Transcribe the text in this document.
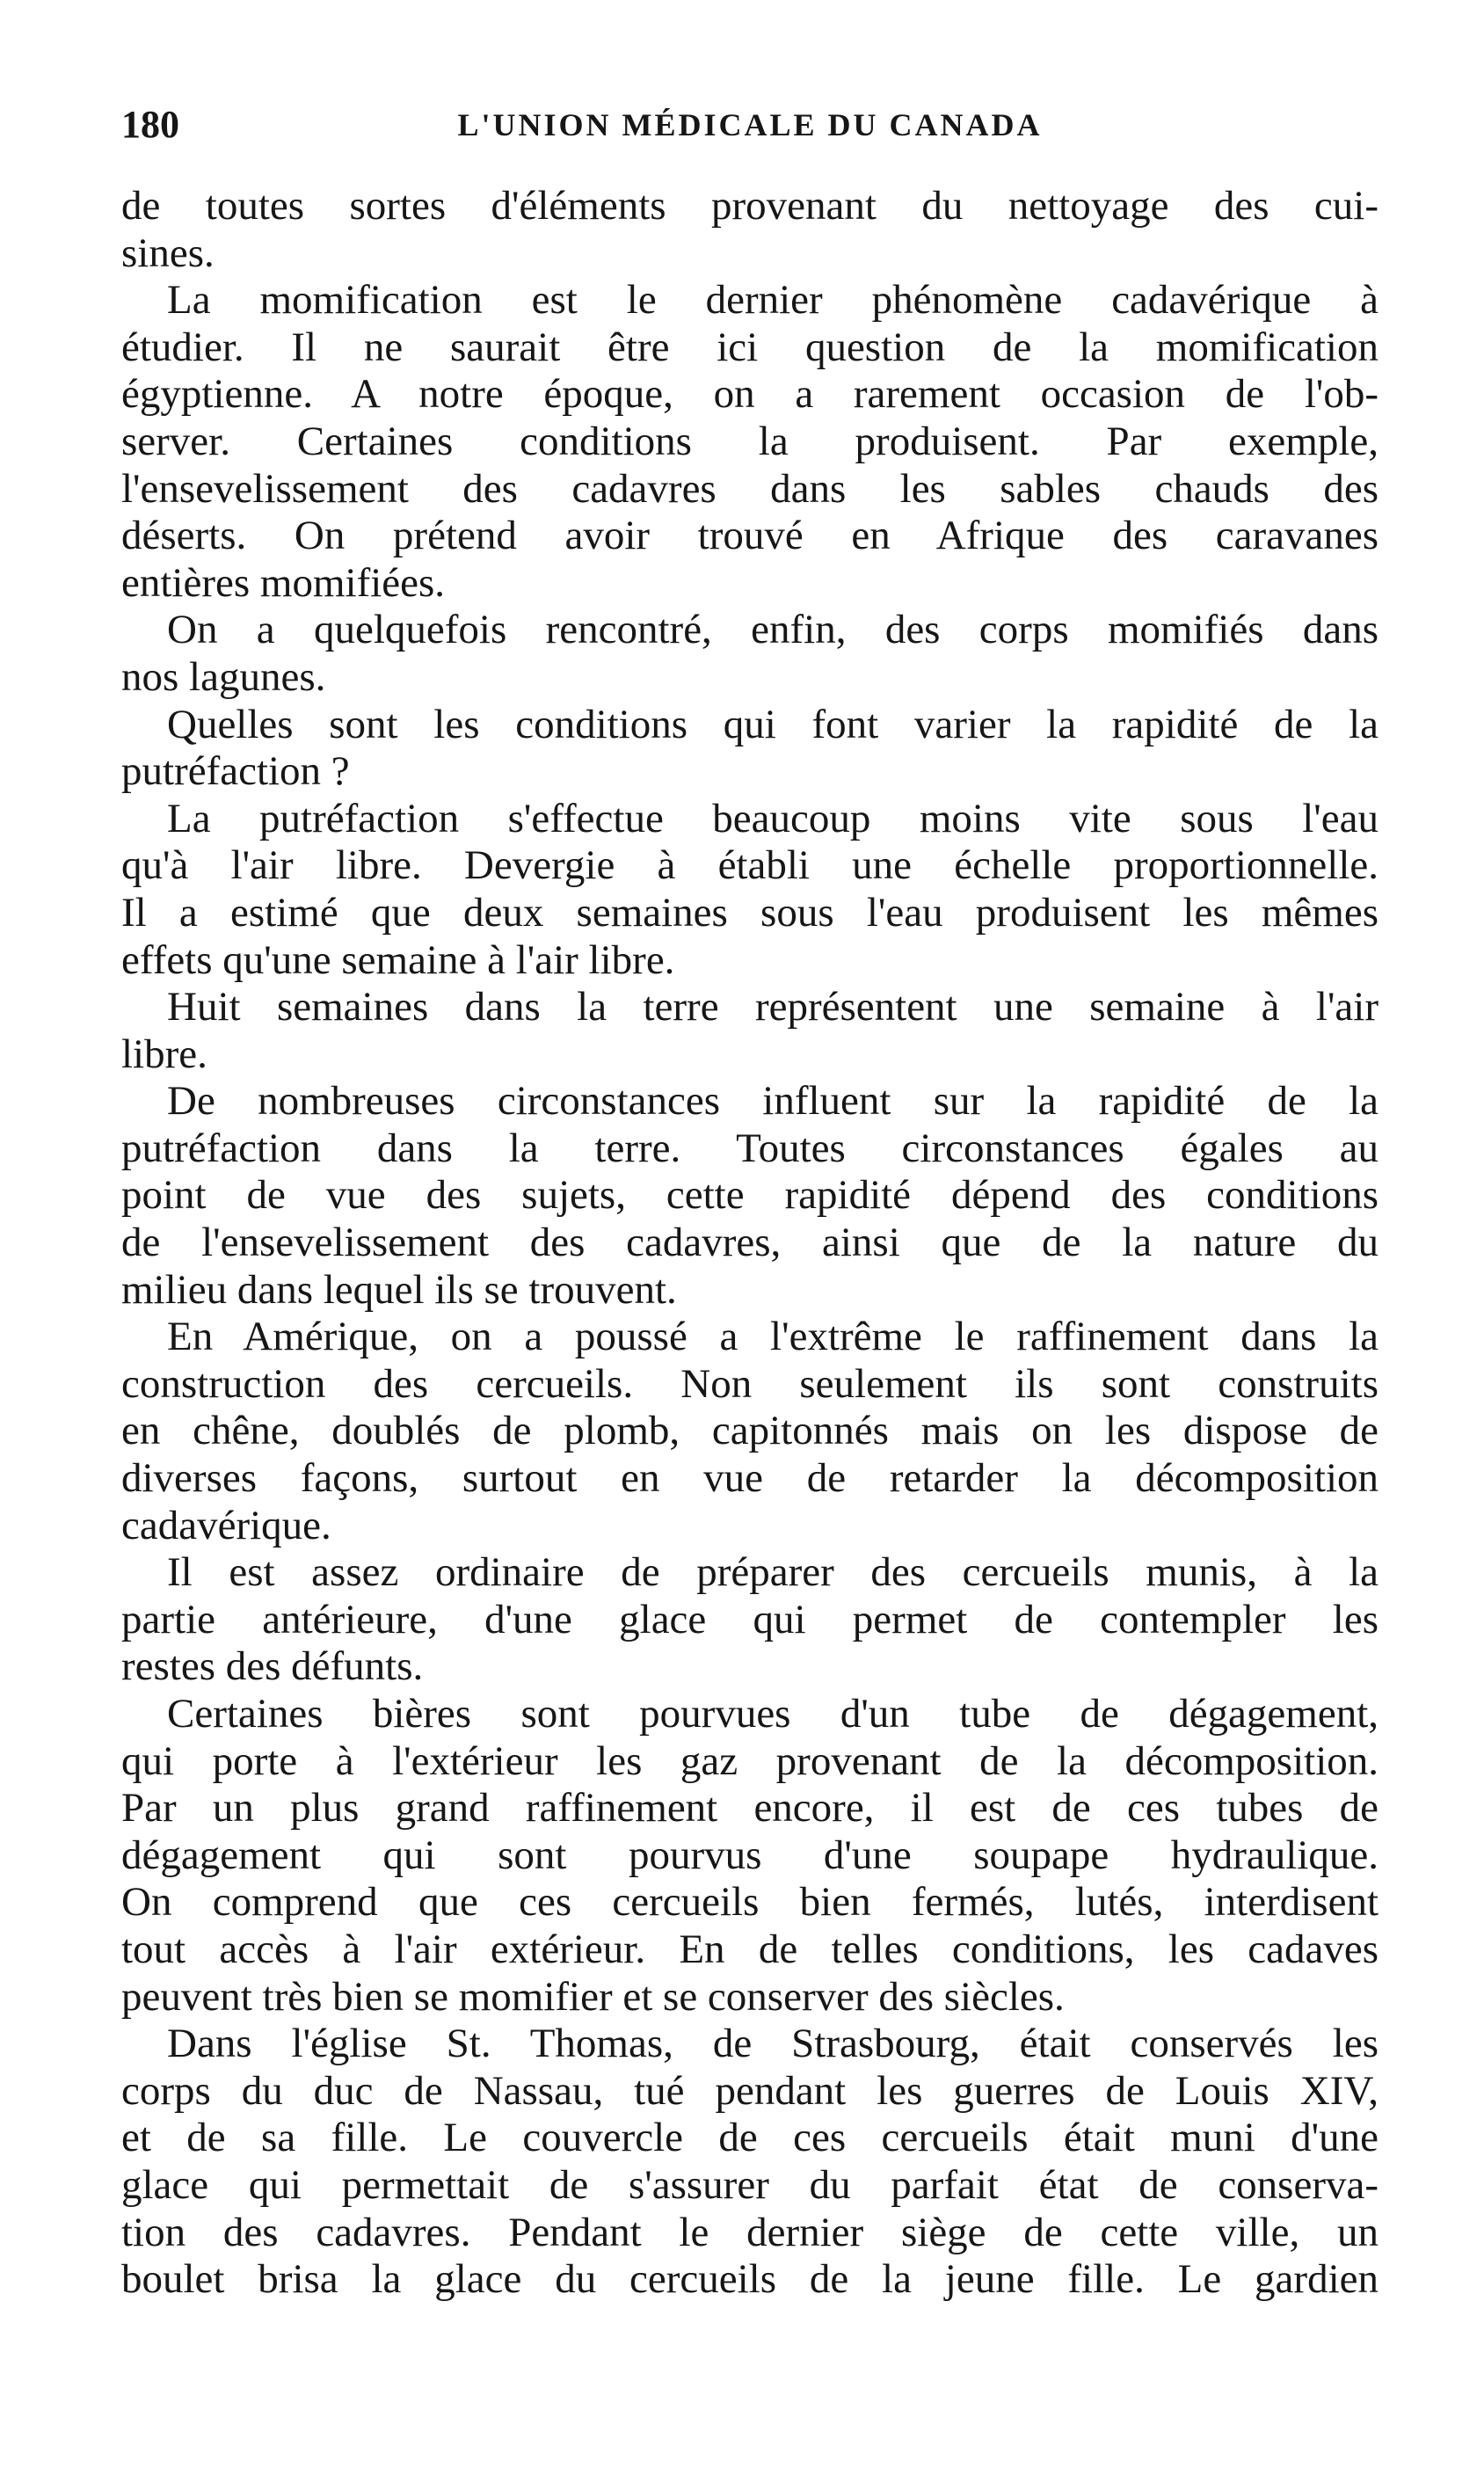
180	L'UNION MÉDICALE DU CANADA
de toutes sortes d'éléments provenant du nettoyage des cui-
sines.
La momification est le dernier phénomène cadavérique à
étudier. Il ne saurait être ici question de la momification
égyptienne. A notre époque, on a rarement occasion de l'ob-
server. Certaines conditions la produisent. Par exemple,
l'ensevelissement des cadavres dans les sables chauds des
déserts. On prétend avoir trouvé en Afrique des caravanes
entières momifiées.
On a quelquefois rencontré, enfin, des corps momifiés dans
nos lagunes.
Quelles sont les conditions qui font varier la rapidité de la
putréfaction ?
La putréfaction s'effectue beaucoup moins vite sous l'eau
qu'à l'air libre. Devergie à établi une échelle proportionnelle.
Il a estimé que deux semaines sous l'eau produisent les mêmes
effets qu'une semaine à l'air libre.
Huit semaines dans la terre représentent une semaine à l'air
libre.
De nombreuses circonstances influent sur la rapidité de la
putréfaction dans la terre. Toutes circonstances égales au
point de vue des sujets, cette rapidité dépend des conditions
de l'ensevelissement des cadavres, ainsi que de la nature du
milieu dans lequel ils se trouvent.
En Amérique, on a poussé a l'extrême le raffinement dans la
construction des cercueils. Non seulement ils sont construits
en chêne, doublés de plomb, capitonnés mais on les dispose de
diverses façons, surtout en vue de retarder la décomposition
cadavérique.
Il est assez ordinaire de préparer des cercueils munis, à la
partie antérieure, d'une glace qui permet de contempler les
restes des défunts.
Certaines bières sont pourvues d'un tube de dégagement,
qui porte à l'extérieur les gaz provenant de la décomposition.
Par un plus grand raffinement encore, il est de ces tubes de
dégagement qui sont pourvus d'une soupape hydraulique.
On comprend que ces cercueils bien fermés, lutés, interdisent
tout accès à l'air extérieur. En de telles conditions, les cadaves
peuvent très bien se momifier et se conserver des siècles.
Dans l'église St. Thomas, de Strasbourg, était conservés les
corps du duc de Nassau, tué pendant les guerres de Louis XIV,
et de sa fille. Le couvercle de ces cercueils était muni d'une
glace qui permettait de s'assurer du parfait état de conserva-
tion des cadavres. Pendant le dernier siège de cette ville, un
boulet brisa la glace du cercueils de la jeune fille. Le gardien
